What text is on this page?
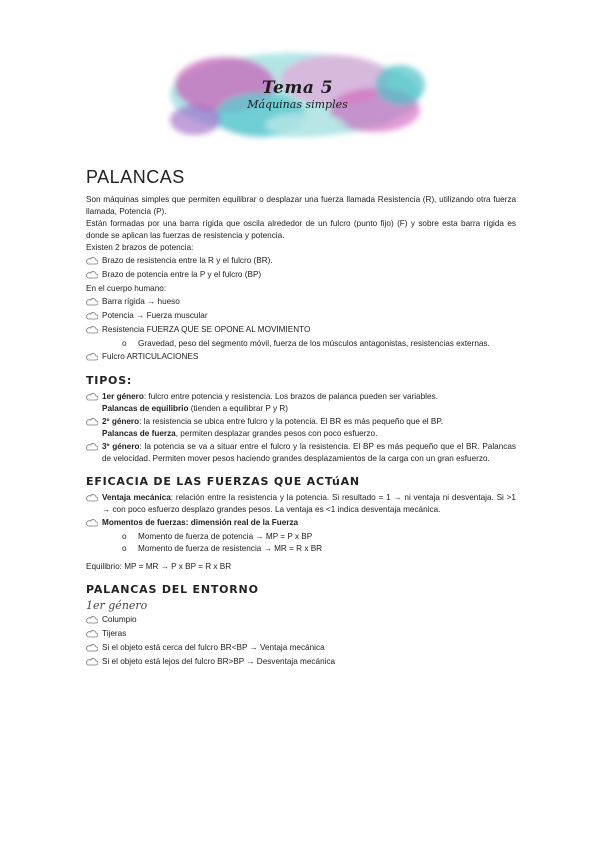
Tema 5
Máquinas simples
PALANCAS

Son máquinas simples que permiten equilibrar o desplazar una fuerza llamada Resistencia (R), utilizando otra fuerza llamada, Potencia (P).

Están formadas por una barra rígida que oscila alrededor de un fulcro (punto fijo) (F) y sobre esta barra rígida es donde se aplican las fuerzas de resistencia y potencia.

Existen 2 brazos de potencia:

Brazo de resistencia entre la R y el fulcro (BR).
Brazo de potencia entre la P y el fulcro (BP)

En el cuerpo humano:

Barra rígida → hueso
Potencia → Fuerza muscular
Resistencia FUERZA QUE SE OPONE AL MOVIMIENTO
o	Gravedad, peso del segmento móvil, fuerza de los músculos antagonistas, resistencias externas.
Fulcro ARTICULACIONES
TIPOS:
1er género: fulcro entre potencia y resistencia. Los brazos de palanca pueden ser variables.
Palancas de equilibrio (tienden a equilibrar P y R)
2º género: la resistencia se ubica entre fulcro y la potencia. El BR es más pequeño que el BP.
Palancas de fuerza, permiten desplazar grandes pesos con poco esfuerzo.
3º género: la potencia se va a situar entre el fulcro y la resistencia. El BP es más pequeño que el BR. Palancas de velocidad. Permiten mover pesos haciendo grandes desplazamientos de la carga con un gran esfuerzo.
EFICACIA DE LAS FUERZAS QUE ACTúAN
Ventaja mecánica: relación entre la resistencia y la potencia. Si resultado = 1 → ni ventaja ni desventaja. Si >1 → con poco esfuerzo desplazo grandes pesos. La ventaja es <1 indica desventaja mecánica.
Momentos de fuerzas: dimensión real de la Fuerza
o	Momento de fuerza de potencia → MP = P x BP
o	Momento de fuerza de resistencia → MR = R x BR

Equilibrio: MP = MR → P x BP = R x BR

PALANCAS DEL ENTORNO
1er género
Columpio
Tijeras
Si el objeto está cerca del fulcro BR<BP → Ventaja mecánica
Si el objeto está lejos del fulcro BR>BP → Desventaja mecánica
